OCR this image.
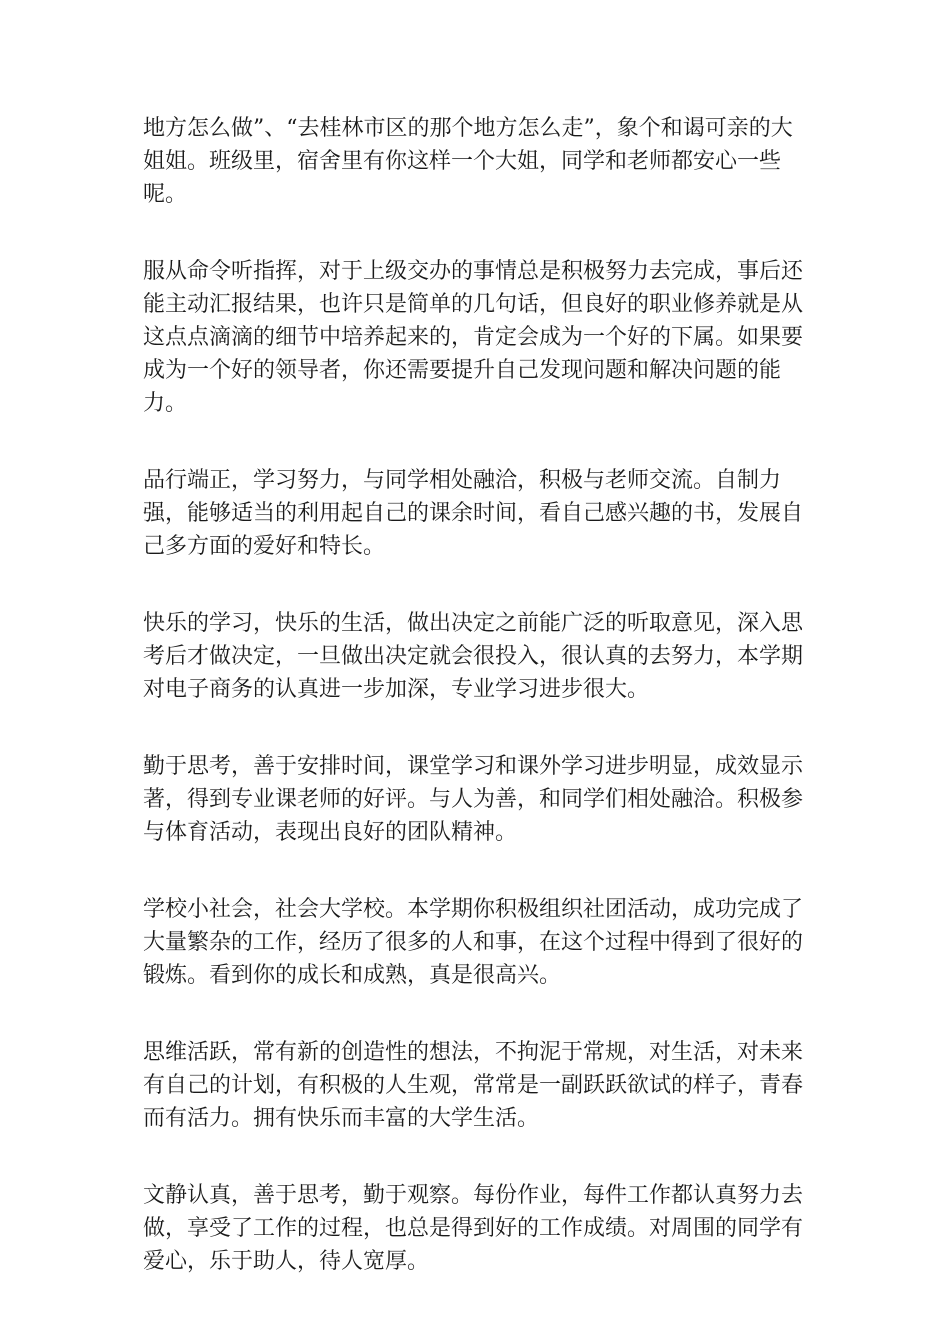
地方怎么做”、“去桂林市区的那个地方怎么走”，象个和谒可亲的大姐姐。班级里，宿舍里有你这样一个大姐，同学和老师都安心一些呢。

服从命令听指挥，对于上级交办的事情总是积极努力去完成，事后还能主动汇报结果，也许只是简单的几句话，但良好的职业修养就是从这点点滴滴的细节中培养起来的，肯定会成为一个好的下属。如果要成为一个好的领导者，你还需要提升自己发现问题和解决问题的能力。

品行端正，学习努力，与同学相处融洽，积极与老师交流。自制力强，能够适当的利用起自己的课余时间，看自己感兴趣的书，发展自己多方面的爱好和特长。

快乐的学习，快乐的生活，做出决定之前能广泛的听取意见，深入思考后才做决定，一旦做出决定就会很投入，很认真的去努力，本学期对电子商务的认真进一步加深，专业学习进步很大。

勤于思考，善于安排时间，课堂学习和课外学习进步明显，成效显示著，得到专业课老师的好评。与人为善，和同学们相处融洽。积极参与体育活动，表现出良好的团队精神。

学校小社会，社会大学校。本学期你积极组织社团活动，成功完成了大量繁杂的工作，经历了很多的人和事，在这个过程中得到了很好的锻炼。看到你的成长和成熟，真是很高兴。

思维活跃，常有新的创造性的想法，不拘泥于常规，对生活，对未来有自己的计划，有积极的人生观，常常是一副跃跃欲试的样子，青春而有活力。拥有快乐而丰富的大学生活。

文静认真，善于思考，勤于观察。每份作业，每件工作都认真努力去做，享受了工作的过程，也总是得到好的工作成绩。对周围的同学有爱心，乐于助人，待人宽厚。
